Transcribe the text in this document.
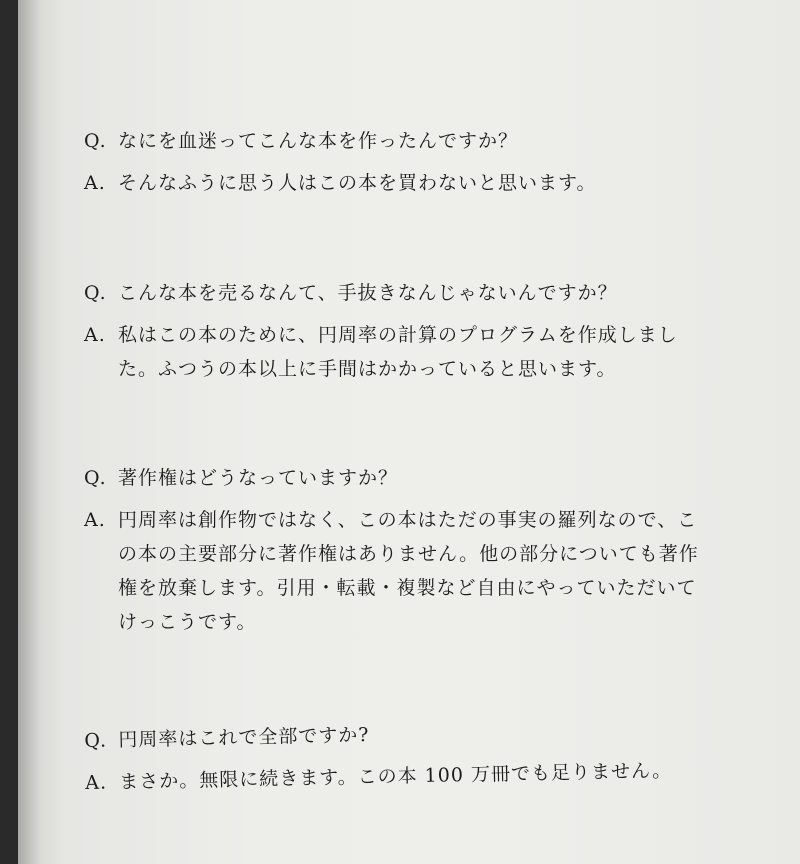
Q. なにを血迷ってこんな本を作ったんですか？
A. そんなふうに思う人はこの本を買わないと思います。
Q. こんな本を売るなんて、手抜きなんじゃないんですか？
A. 私はこの本のために、円周率の計算のプログラムを作成しました。ふつうの本以上に手間はかかっていると思います。
Q. 著作権はどうなっていますか？
A. 円周率は創作物ではなく、この本はただの事実の羅列なので、この本の主要部分に著作権はありません。他の部分についても著作権を放棄します。引用・転載・複製など自由にやっていただいてけっこうです。
Q. 円周率はこれで全部ですか?
A. まさか。無限に続きます。この本 100 万冊でも足りません。
